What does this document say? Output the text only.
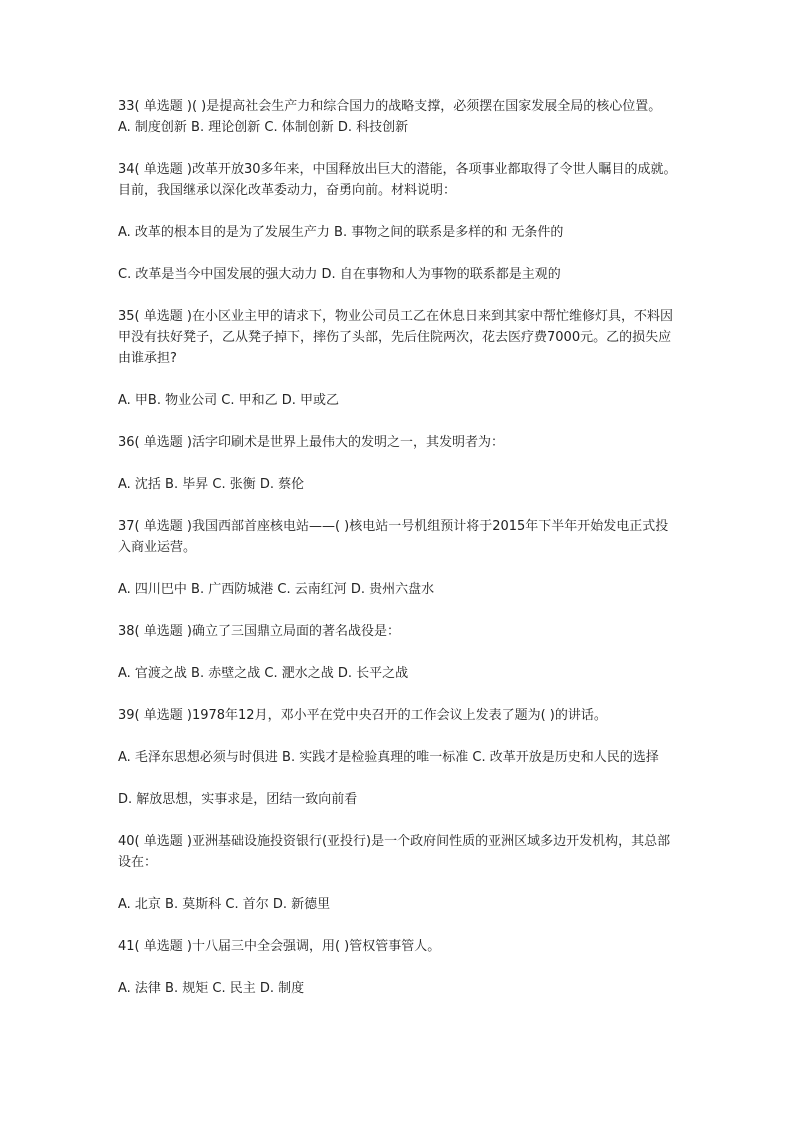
33( 单选题 )( )是提高社会生产力和综合国力的战略支撑，必须摆在国家发展全局的核心位置。 A. 制度创新 B. 理论创新 C. 体制创新 D. 科技创新

34( 单选题 )改革开放30多年来，中国释放出巨大的潜能，各项事业都取得了令世人瞩目的成就。目前，我国继承以深化改革委动力，奋勇向前。材料说明：

A. 改革的根本目的是为了发展生产力 B. 事物之间的联系是多样的和 无条件的

C. 改革是当今中国发展的强大动力 D. 自在事物和人为事物的联系都是主观的

35( 单选题 )在小区业主甲的请求下，物业公司员工乙在休息日来到其家中帮忙维修灯具，不料因甲没有扶好凳子，乙从凳子掉下，摔伤了头部，先后住院两次，花去医疗费7000元。乙的损失应由谁承担?

A. 甲B. 物业公司 C. 甲和乙 D. 甲或乙

36( 单选题 )活字印刷术是世界上最伟大的发明之一，其发明者为：

A. 沈括 B. 毕昇 C. 张衡 D. 蔡伦

37( 单选题 )我国西部首座核电站——( )核电站一号机组预计将于2015年下半年开始发电正式投入商业运营。

A. 四川巴中 B. 广西防城港 C. 云南红河 D. 贵州六盘水

38( 单选题 )确立了三国鼎立局面的著名战役是：

A. 官渡之战 B. 赤壁之战 C. 淝水之战 D. 长平之战

39( 单选题 )1978年12月，邓小平在党中央召开的工作会议上发表了题为( )的讲话。

A. 毛泽东思想必须与时俱进 B. 实践才是检验真理的唯一标准 C. 改革开放是历史和人民的选择

D. 解放思想，实事求是，团结一致向前看

40( 单选题 )亚洲基础设施投资银行(亚投行)是一个政府间性质的亚洲区域多边开发机构，其总部设在：

A. 北京 B. 莫斯科 C. 首尔 D. 新德里

41( 单选题 )十八届三中全会强调，用( )管权管事管人。

A. 法律 B. 规矩 C. 民主 D. 制度
